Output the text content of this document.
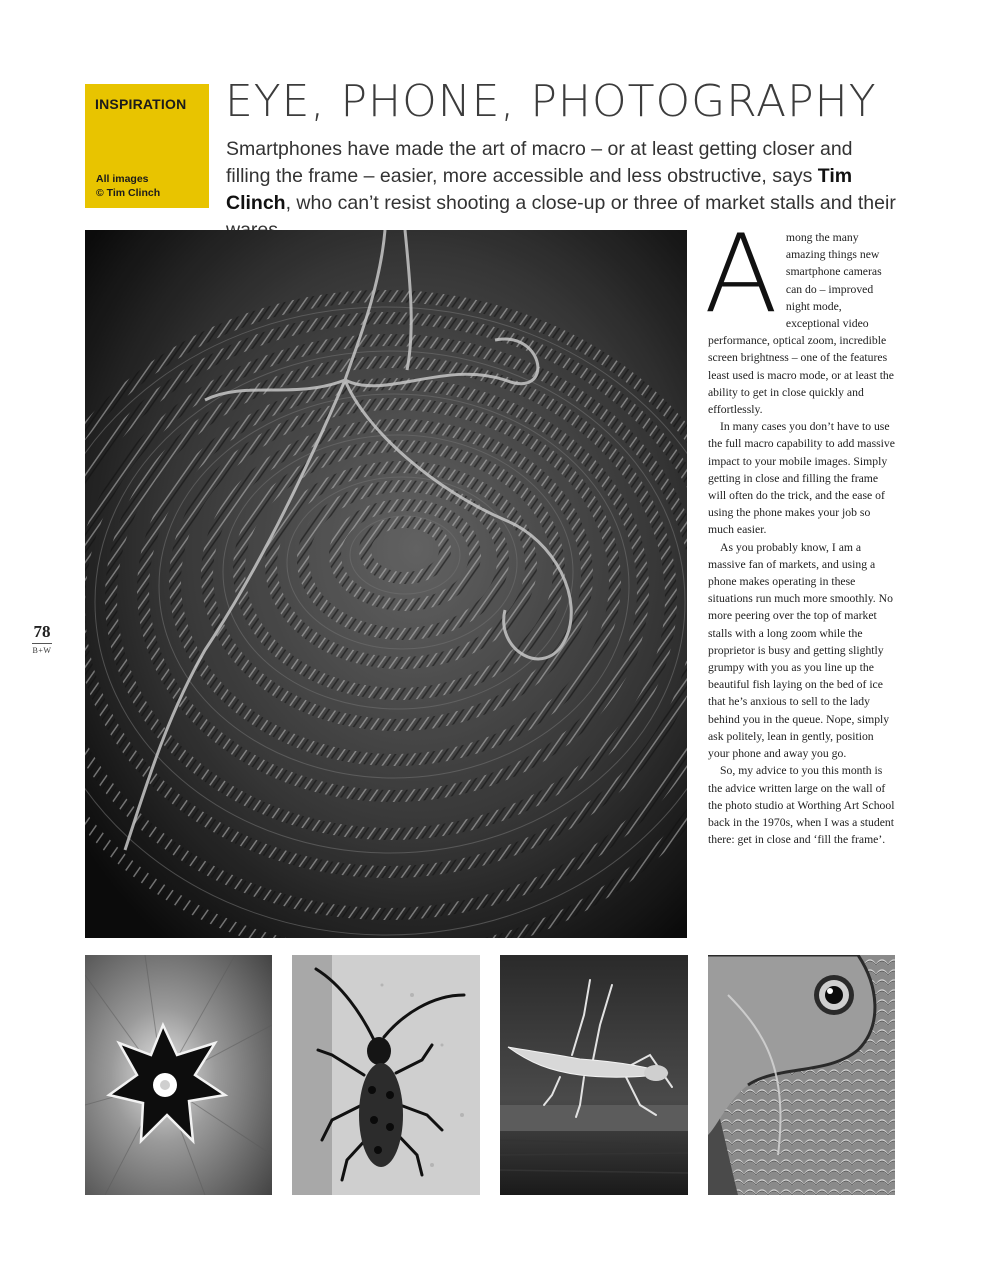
INSPIRATION
All images
© Tim Clinch
EYE, PHONE, PHOTOGRAPHY
Smartphones have made the art of macro – or at least getting closer and filling the frame – easier, more accessible and less obstructive, says Tim Clinch, who can’t resist shooting a close-up or three of market stalls and their
A mong the many amazing things new smartphone cameras can do – improved night mode, exceptional video performance, optical zoom, incredible screen brightness – one of the features least used is macro mode, or at least the ability to get in close quickly and effortlessly.

In many cases you don’t have to use the full macro capability to add massive impact to your mobile images. Simply getting in close and filling the frame will often do the trick, and the ease of using the phone makes your job so much easier.

As you probably know, I am a massive fan of markets, and using a phone makes operating in these situations run much more smoothly. No more peering over the top of market stalls with a long zoom while the proprietor is busy and getting slightly grumpy with you as you line up the beautiful fish laying on the bed of ice that he’s anxious to sell to the lady behind you in the queue. Nope, simply ask politely, lean in gently, position your phone and away you go.

So, my advice to you this month is the advice written large on the wall of the photo studio at Worthing Art School back in the 1970s, when I was a student there: get in close and ‘fill the frame’.

78
B+W
